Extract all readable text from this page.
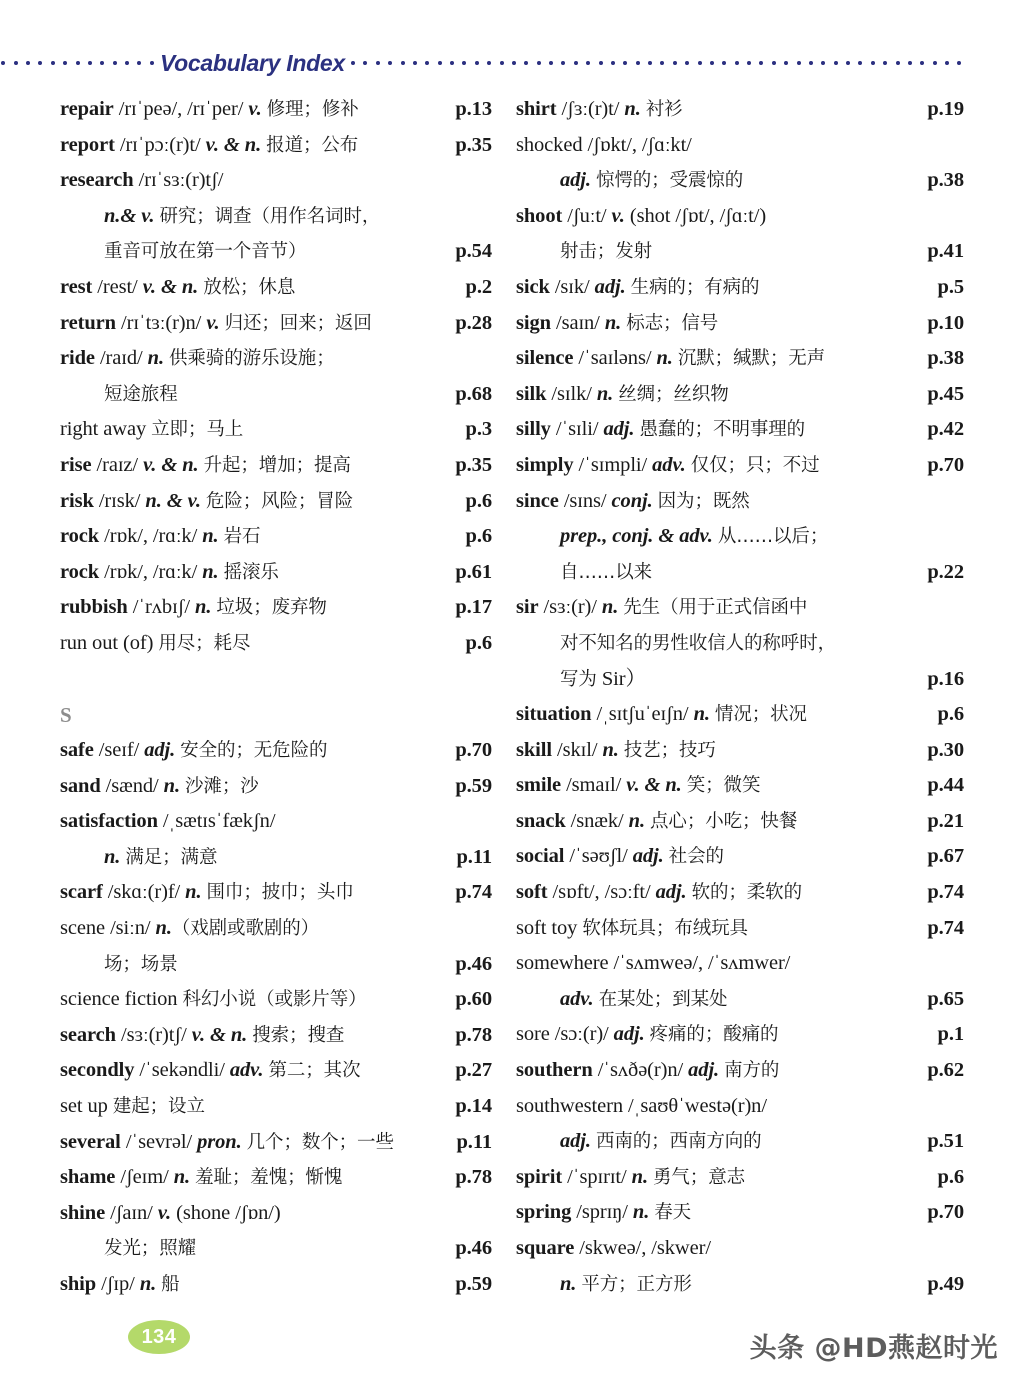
Vocabulary Index
repair /rɪˈpeə/, /rɪˈper/ v. 修理；修补	p.13
report /rɪˈpɔː(r)t/ v. & n. 报道；公布	p.35
research /rɪˈsɜː(r)tʃ/
n.& v. 研究；调查（用作名词时，
重音可放在第一个音节）	p.54
rest /rest/ v. & n. 放松；休息	p.2
return /rɪˈtɜː(r)n/ v. 归还；回来；返回	p.28
ride /raɪd/ n. 供乘骑的游乐设施；
短途旅程	p.68
right away 立即；马上	p.3
rise /raɪz/ v. & n. 升起；增加；提高	p.35
risk /rɪsk/ n. & v. 危险；风险；冒险	p.6
rock /rɒk/, /rɑːk/ n. 岩石	p.6
rock /rɒk/, /rɑːk/ n. 摇滚乐	p.61
rubbish /ˈrʌbɪʃ/ n. 垃圾；废弃物	p.17
run out (of) 用尽；耗尽	p.6
S
safe /seɪf/ adj. 安全的；无危险的	p.70
sand /sænd/ n. 沙滩；沙	p.59
satisfaction /ˌsætɪsˈfækʃn/
n. 满足；满意	p.11
scarf /skɑː(r)f/ n. 围巾；披巾；头巾	p.74
scene /siːn/ n.（戏剧或歌剧的）
场；场景	p.46
science fiction 科幻小说（或影片等）	p.60
search /sɜː(r)tʃ/ v. & n. 搜索；搜查	p.78
secondly /ˈsekəndli/ adv. 第二；其次	p.27
set up 建起；设立	p.14
several /ˈsevrəl/ pron. 几个；数个；一些	p.11
shame /ʃeɪm/ n. 羞耻；羞愧；惭愧	p.78
shine /ʃaɪn/ v. (shone /ʃɒn/)
发光；照耀	p.46
ship /ʃɪp/ n. 船	p.59
shirt /ʃɜː(r)t/ n. 衬衫	p.19
shocked /ʃɒkt/, /ʃɑːkt/
adj. 惊愕的；受震惊的	p.38
shoot /ʃuːt/ v. (shot /ʃɒt/, /ʃɑːt/)
射击；发射	p.41
sick /sɪk/ adj. 生病的；有病的	p.5
sign /saɪn/ n. 标志；信号	p.10
silence /ˈsaɪləns/ n. 沉默；缄默；无声	p.38
silk /sɪlk/ n. 丝绸；丝织物	p.45
silly /ˈsɪli/ adj. 愚蠢的；不明事理的	p.42
simply /ˈsɪmpli/ adv. 仅仅；只；不过	p.70
since /sɪns/ conj. 因为；既然
prep., conj. & adv. 从……以后；
自……以来	p.22
sir /sɜː(r)/ n. 先生（用于正式信函中
对不知名的男性收信人的称呼时，
写为 Sir）	p.16
situation /ˌsɪtʃuˈeɪʃn/ n. 情况；状况	p.6
skill /skɪl/ n. 技艺；技巧	p.30
smile /smaɪl/ v. & n. 笑；微笑	p.44
snack /snæk/ n. 点心；小吃；快餐	p.21
social /ˈsəʊʃl/ adj. 社会的	p.67
soft /sɒft/, /sɔːft/ adj. 软的；柔软的	p.74
soft toy 软体玩具；布绒玩具	p.74
somewhere /ˈsʌmweə/, /ˈsʌmwer/
adv. 在某处；到某处	p.65
sore /sɔː(r)/ adj. 疼痛的；酸痛的	p.1
southern /ˈsʌðə(r)n/ adj. 南方的	p.62
southwestern /ˌsaʊθˈwestə(r)n/
adj. 西南的；西南方向的	p.51
spirit /ˈspɪrɪt/ n. 勇气；意志	p.6
spring /sprɪŋ/ n. 春天	p.70
square /skweə/, /skwer/
n. 平方；正方形	p.49
134	头条 @HD燕赵时光
